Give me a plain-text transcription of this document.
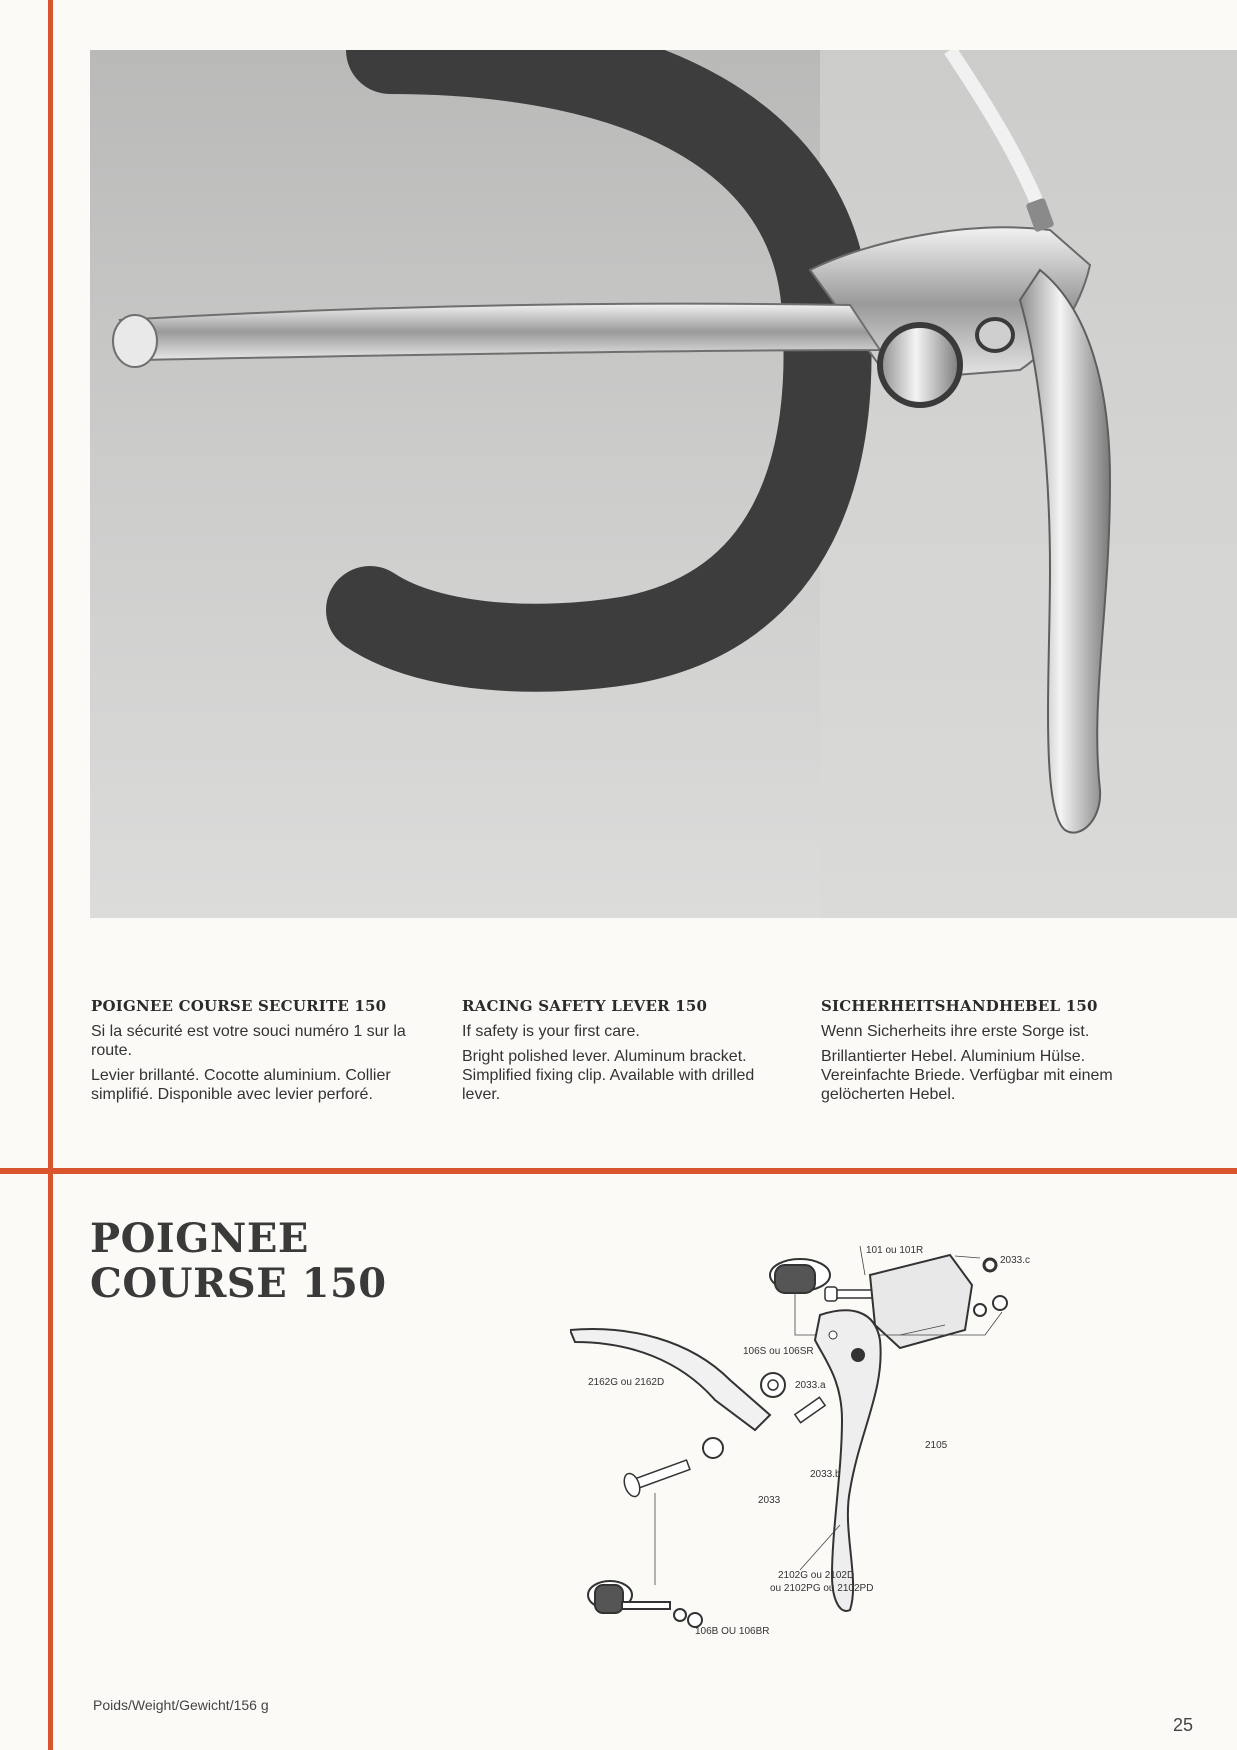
POIGNEE COURSE SECURITE 150

Si la sécurité est votre souci numéro 1 sur la route.

Levier brillanté. Cocotte aluminium. Collier simplifié. Disponible avec levier perforé.

RACING SAFETY LEVER 150

If safety is your first care.

Bright polished lever. Aluminum bracket. Simplified fixing clip. Available with drilled lever.

SICHERHEITSHANDHEBEL 150

Wenn Sicherheits ihre erste Sorge ist.

Brillantierter Hebel. Aluminium Hülse. Vereinfachte Briede. Verfügbar mit einem gelöcherten Hebel.

POIGNEE
COURSE 150
101 ou 101R
2033.c
106S ou 106SR
2162G ou 2162D	2033.a
2105
2033.b
2033
2102G ou 2102D
ou 2102PG ou 2102PD
106B OU 106BR
Poids/Weight/Gewicht/156 g
25
